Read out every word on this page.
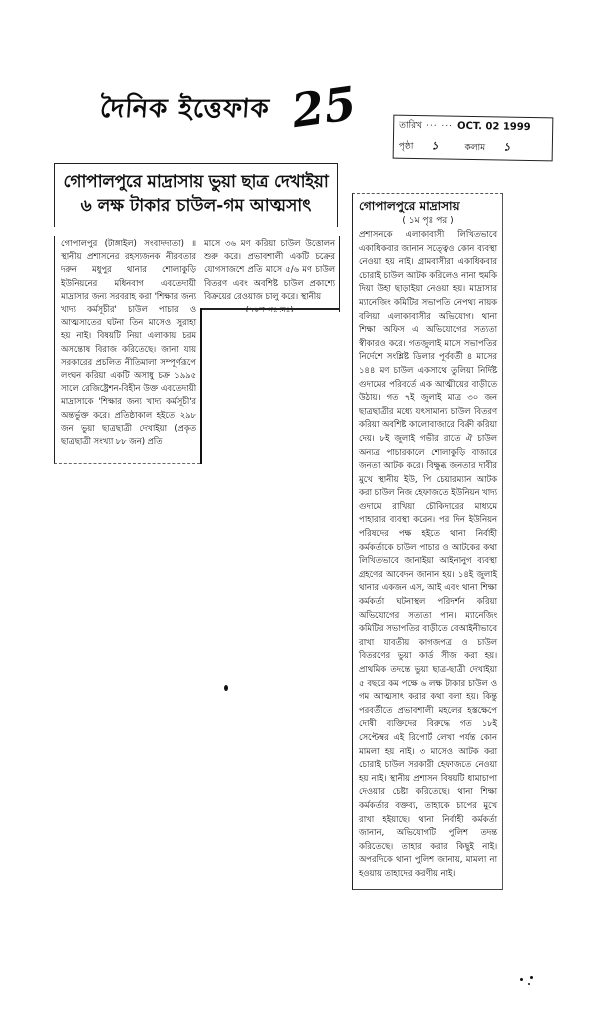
দৈনিক ইত্তেফাক 25	তারিখ ··· ··· OCT. 02 1999
পৃষ্ঠা ১	কলাম ১
গোপালপুরে মাদ্রাসায় ভুয়া ছাত্র দেখাইয়া
৬ লক্ষ টাকার চাউল-গম আত্মসাৎ

গোপালপুর (টাঙ্গাইল) সংবাদদাতা) ॥ স্থানীয় প্রশাসনের রহস্যজনক নীরবতার দরুন মধুপুর থানার শোলাকুড়ি ইউনিয়নের মধিনবাগ এবতেদায়ী মাদ্রাসার জন্য সরবরাহ করা 'শিক্ষার জন্য খাদ্য কর্মসূচীর' চাউল পাচার ও আত্মসাতের ঘটনা তিন মাসেও সুরাহা হয় নাই। বিষয়টি নিয়া এলাকায় চরম অসন্তোষ বিরাজ করিতেছে। জানা যায় সরকারের প্রচলিত নীতিমালা সম্পূর্ণরূপে লংঘন করিয়া একটি অসাধু চক্র ১৯৯৫ সালে রেজিষ্ট্রেশন-বিহীন উক্ত এবতেদায়ী মাদ্রাসাকে 'শিক্ষার জন্য খাদ্য কর্মসূচী'র অন্তর্ভুক্ত করে। প্রতিষ্ঠাকাল হইতে ২৯৮ জন ভুয়া ছাত্রছাত্রী দেখাইয়া (প্রকৃত ছাত্রছাত্রী সংখ্যা ৮৮ জন) প্রতি

মাসে ৩৬ মণ করিয়া চাউল উত্তোলন শুরু করে। প্রভাবশালী একটি চক্রের যোগসাজশে প্রতি মাসে ৫/৬ মণ চাউল বিতরণ এবং অবশিষ্ট চাউল প্রকাশ্যে বিক্রয়ের রেওয়াজ চালু করে। স্থানীয়

গোপালপুরে মাদ্রাসায়
( ১ম পৃঃ পর )

প্রশাসনকে এলাকাবাসী লিখিতভাবে একাধিকবার জানান সত্ত্বেও কোন ব্যবস্থা নেওয়া হয় নাই। গ্রামবাসীরা একাধিকবার চোরাই চাউল আটক করিলেও নানা হুমকি দিয়া উহা ছাড়াইয়া নেওয়া হয়। মাদ্রাসার ম্যানেজিং কমিটির সভাপতি নেপথ্য নায়ক বলিয়া এলাকাবাসীর অভিযোগ। থানা শিক্ষা অফিস এ অভিযোগের সত্যতা স্বীকারও করে। গতজুলাই মাসে সভাপতির নির্দেশে সংশ্লিষ্ট ডিলার পূর্ববর্তী ৪ মাসের ১৪৪ মণ চাউল একসাথে তুলিয়া নির্দিষ্ট গুদামের পরিবর্তে এক আত্মীয়ের বাড়ীতে উঠায়। গত ৭ই জুলাই মাত্র ৩০ জন ছাত্রছাত্রীর মধ্যে যৎসামান্য চাউল বিতরণ করিয়া অবশিষ্ট কালোবাজারে বিক্রী করিয়া দেয়। ৮ই জুলাই গভীর রাতে ঐ চাউল অন্যত্র পাচারকালে শোলাকুড়ি বাজারে জনতা আটক করে। বিক্ষুব্ধ জনতার দাবীর মুখে স্থানীয় ইউ, পি চেয়ারম্যান আটক করা চাউল নিজ হেফাজতে ইউনিয়ন খাদ্য গুদামে রাখিয়া চৌকিদারের মাধ্যমে পাহারার ব্যবস্থা করেন। পর দিন ইউনিয়ন পরিষদের পক্ষ হইতে থানা নির্বাহী কর্মকর্তাকে চাউল পাচার ও আটকের কথা লিখিতভাবে জানাইয়া আইনানুগ ব্যবস্থা গ্রহণের আবেদন জানান হয়। ১৪ই জুলাই থানার একজন এস, আই এবং থানা শিক্ষা কর্মকর্তা ঘটনাস্থল পরিদর্শন করিয়া অভিযোগের সত্যতা পান। ম্যানেজিং কমিটির সভাপতির বাড়ীতে বেআইনীভাবে রাখা যাবতীয় কাগজপত্র ও চাউল বিতরণের ভুয়া কার্ড সীজ করা হয়। প্রাথমিক তদন্তে ভুয়া ছাত্র-ছাত্রী দেখাইয়া ৫ বছরে কম পক্ষে ৬ লক্ষ টাকার চাউল ও গম আত্মসাৎ করার কথা বলা হয়। কিন্তু পরবর্তীতে প্রভাবশালী মহলের হস্তক্ষেপে দোষী ব্যক্তিদের বিরুদ্ধে গত ১৮ই সেপ্টেম্বর এই রিপোর্ট লেখা পর্যন্ত কোন মামলা হয় নাই। ৩ মাসেও আটক করা চোরাই চাউল সরকারী হেফাজতে নেওয়া হয় নাই। স্থানীয় প্রশাসন বিষয়টি ধামাচাপা দেওয়ার চেষ্টা করিতেছে। থানা শিক্ষা কর্মকর্তার বক্তব্য, তাহাকে চাপের মুখে রাখা হইয়াছে। থানা নির্বাহী কর্মকর্তা জানান, অভিযোগটি পুলিশ তদন্ত করিতেছে। তাহার করার কিছুই নাই। অপরদিকে থানা পুলিশ জানায়, মামলা না হওয়ায় তাহাদের করণীয় নাই।
